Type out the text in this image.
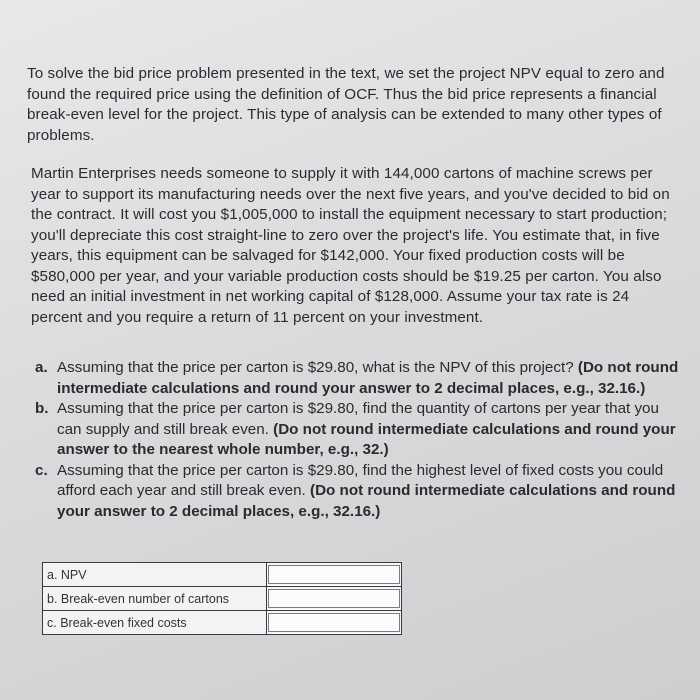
To solve the bid price problem presented in the text, we set the project NPV equal to zero and found the required price using the definition of OCF. Thus the bid price represents a financial break-even level for the project. This type of analysis can be extended to many other types of problems.

Martin Enterprises needs someone to supply it with 144,000 cartons of machine screws per year to support its manufacturing needs over the next five years, and you've decided to bid on the contract. It will cost you $1,005,000 to install the equipment necessary to start production; you'll depreciate this cost straight-line to zero over the project's life. You estimate that, in five years, this equipment can be salvaged for $142,000. Your fixed production costs will be $580,000 per year, and your variable production costs should be $19.25 per carton. You also need an initial investment in net working capital of $128,000. Assume your tax rate is 24 percent and you require a return of 11 percent on your investment.

a. Assuming that the price per carton is $29.80, what is the NPV of this project? (Do not round intermediate calculations and round your answer to 2 decimal places, e.g., 32.16.)

b. Assuming that the price per carton is $29.80, find the quantity of cartons per year that you can supply and still break even. (Do not round intermediate calculations and round your answer to the nearest whole number, e.g., 32.)

c. Assuming that the price per carton is $29.80, find the highest level of fixed costs you could afford each year and still break even. (Do not round intermediate calculations and round your answer to 2 decimal places, e.g., 32.16.)

a. NPV	
b. Break-even number of cartons	
c. Break-even fixed costs	
